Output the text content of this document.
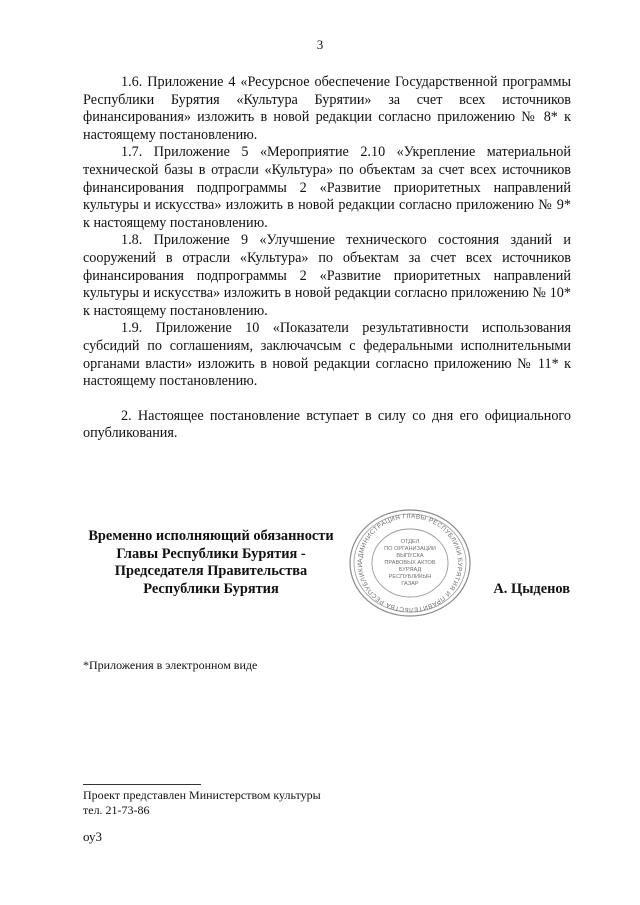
3

1.6. Приложение 4 «Ресурсное обеспечение Государственной программы Республики Бурятия «Культура Бурятии» за счет всех источников финансирования» изложить в новой редакции согласно приложению № 8* к настоящему постановлению.

1.7. Приложение 5 «Мероприятие 2.10 «Укрепление материальной технической базы в отрасли «Культура» по объектам за счет всех источников финансирования подпрограммы 2 «Развитие приоритетных направлений культуры и искусства» изложить в новой редакции согласно приложению № 9* к настоящему постановлению.

1.8. Приложение 9 «Улучшение технического состояния зданий и сооружений в отрасли «Культура» по объектам за счет всех источников финансирования подпрограммы 2 «Развитие приоритетных направлений культуры и искусства» изложить в новой редакции согласно приложению № 10* к настоящему постановлению.

1.9. Приложение 10 «Показатели результативности использования субсидий по соглашениям, заключачсым с федеральными исполнительными органами власти» изложить в новой редакции согласно приложению № 11* к настоящему постановлению.

2. Настоящее постановление вступает в силу со дня его официального опубликования.

Временно исполняющий обязанности
Главы Республики Бурятия -
Председателя Правительства
Республики Бурятия
АДМИНИСТРАЦИЯ ГЛАВЫ РЕСПУБЛИКИ БУРЯТИЯ И ПРАВИТЕЛЬСТВА РЕСПУБЛИКИ
ОТДЕЛ
ПО ОРГАНИЗАЦИИ
ВЫПУСКА
ПРАВОВЫХ АКТОВ
БУРЯАД
РЕСПУБЛИКЫН
ГАЗАР	А. Цыденов
*Приложения в электронном виде
Проект представлен Министерством культуры
тел. 21-73-86
оу3
